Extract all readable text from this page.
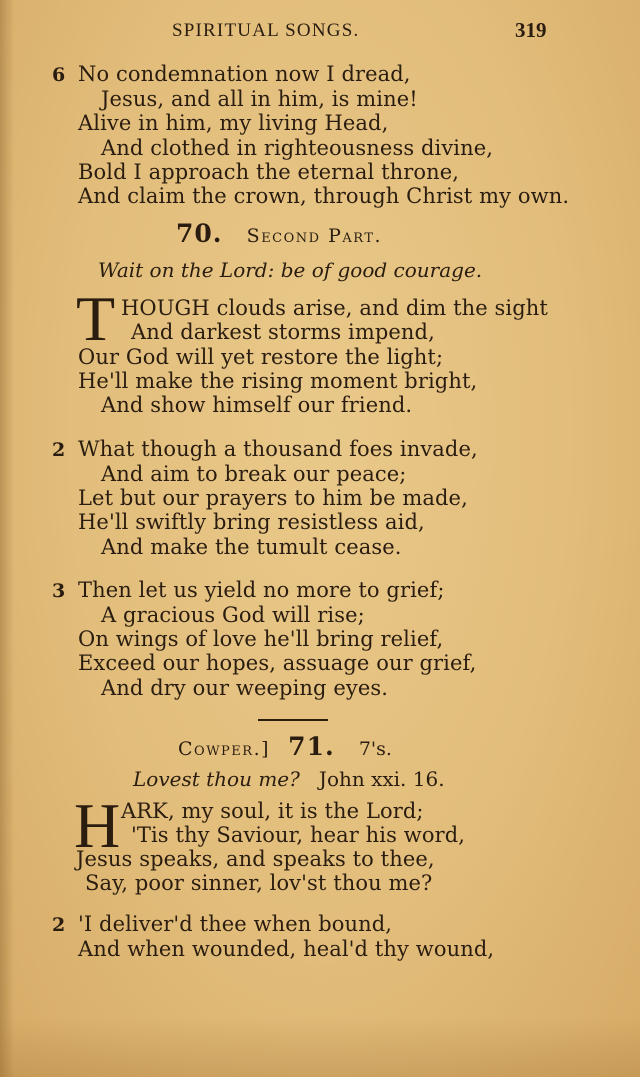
SPIRITUAL SONGS.	319
6 No condemnation now I dread,
Jesus, and all in him, is mine!
Alive in him, my living Head,
And clothed in righteousness divine,
Bold I approach the eternal throne,
And claim the crown, through Christ my own.
70. Second Part.
Wait on the Lord: be of good courage.
T HOUGH clouds arise, and dim the sight
And darkest storms impend,
Our God will yet restore the light;
He'll make the rising moment bright,
And show himself our friend.
2 What though a thousand foes invade,
And aim to break our peace;
Let but our prayers to him be made,
He'll swiftly bring resistless aid,
And make the tumult cease.
3 Then let us yield no more to grief;
A gracious God will rise;
On wings of love he'll bring relief,
Exceed our hopes, assuage our grief,
And dry our weeping eyes.
Cowper.] 71. 7's.
Lovest thou me? John xxi. 16.
H ARK, my soul, it is the Lord;
'Tis thy Saviour, hear his word,
Jesus speaks, and speaks to thee,
Say, poor sinner, lov'st thou me?
2 'I deliver'd thee when bound,
And when wounded, heal'd thy wound,
